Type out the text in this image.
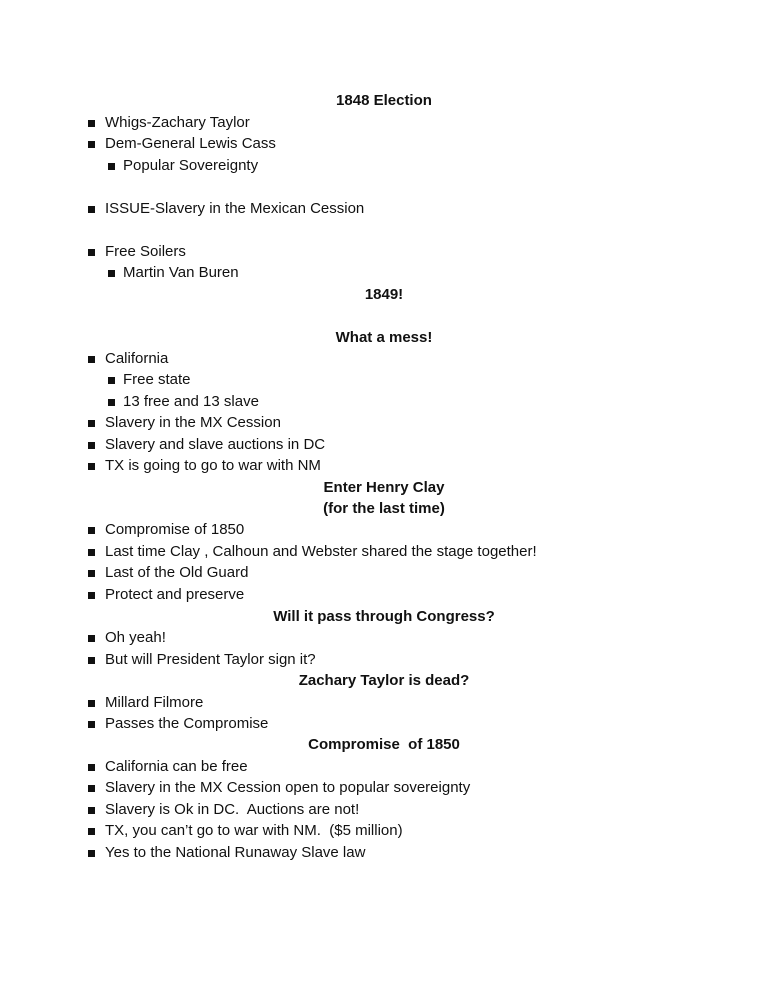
1848 Election
Whigs-Zachary Taylor
Dem-General Lewis Cass
Popular Sovereignty
ISSUE-Slavery in the Mexican Cession
Free Soilers
Martin Van Buren
1849!
What a mess!
California
Free state
13 free and 13 slave
Slavery in the MX Cession
Slavery and slave auctions in DC
TX is going to go to war with NM
Enter Henry Clay
(for the last time)
Compromise of 1850
Last time Clay , Calhoun and Webster shared the stage together!
Last of the Old Guard
Protect and preserve
Will it pass through Congress?
Oh yeah!
But will President Taylor sign it?
Zachary Taylor is dead?
Millard Filmore
Passes the Compromise
Compromise  of 1850
California can be free
Slavery in the MX Cession open to popular sovereignty
Slavery is Ok in DC.  Auctions are not!
TX, you can’t go to war with NM.  ($5 million)
Yes to the National Runaway Slave law
